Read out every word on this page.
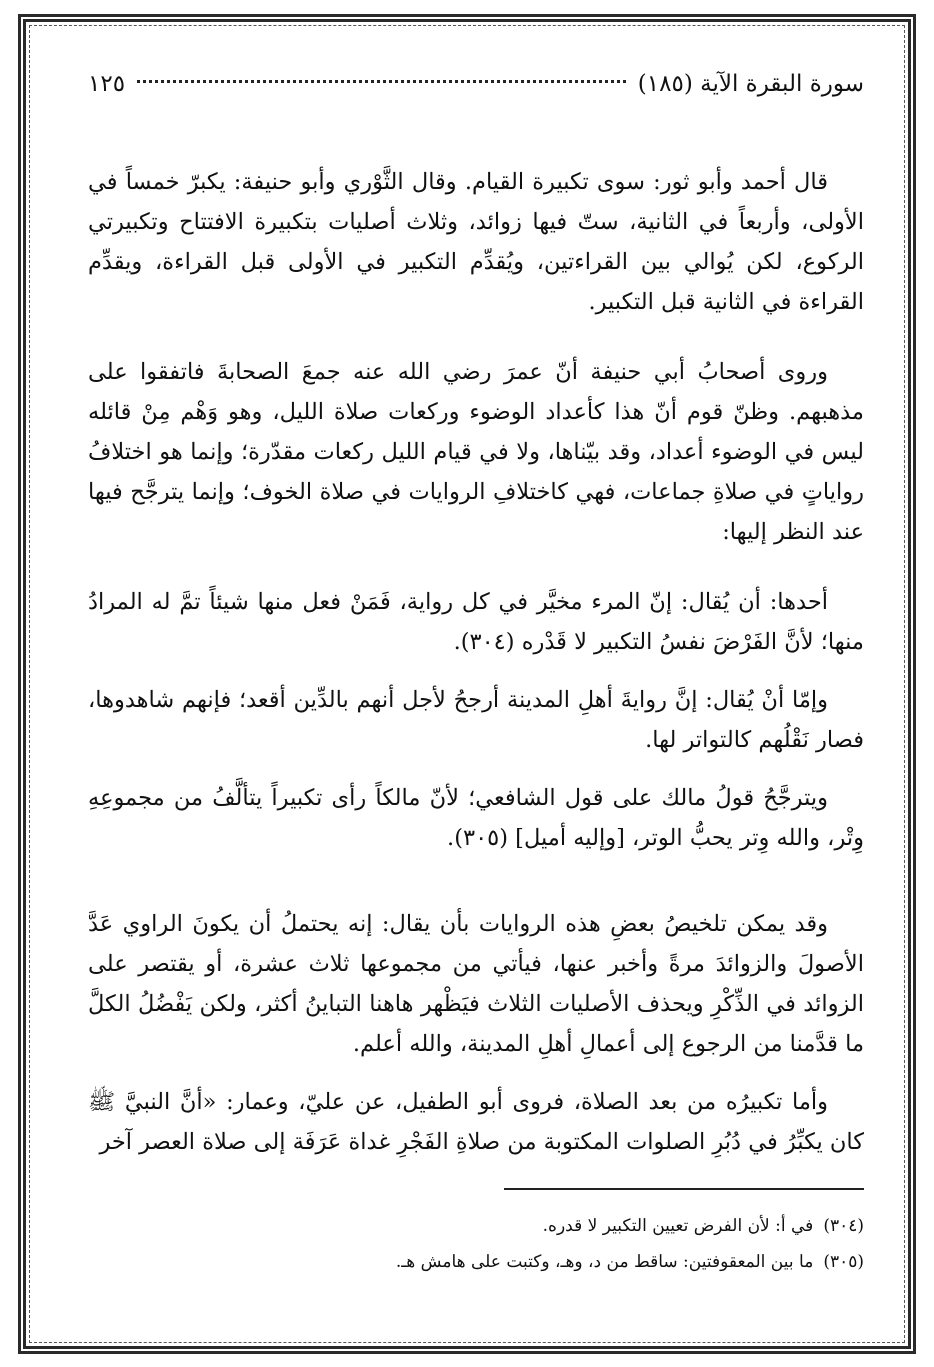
سورة البقرة الآية (١٨٥)
١٢٥

قال أحمد وأبو ثور: سوى تكبيرة القيام. وقال الثَّوْري وأبو حنيفة: يكبرّ خمساً في الأولى، وأربعاً في الثانية، ستّ فيها زوائد، وثلاث أصليات بتكبيرة الافتتاح وتكبيرتي الركوع، لكن يُوالي بين القراءتين، ويُقدِّم التكبير في الأولى قبل القراءة، ويقدِّم القراءة في الثانية قبل التكبير.

وروى أصحابُ أبي حنيفة أنّ عمرَ رضي الله عنه جمعَ الصحابةَ فاتفقوا على مذهبهم. وظنّ قوم أنّ هذا كأعداد الوضوء وركعات صلاة الليل، وهو وَهْم مِنْ قائله ليس في الوضوء أعداد، وقد بيّناها، ولا في قيام الليل ركعات مقدّرة؛ وإنما هو اختلافُ رواياتٍ في صلاةِ جماعات، فهي كاختلافِ الروايات في صلاة الخوف؛ وإنما يترجَّح فيها عند النظر إليها:

أحدها: أن يُقال: إنّ المرء مخيَّر في كل رواية، فَمَنْ فعل منها شيئاً تمَّ له المرادُ منها؛ لأنَّ الفَرْضَ نفسُ التكبير لا قَدْره (٣٠٤).

وإمّا أنْ يُقال: إنَّ روايةَ أهلِ المدينة أرجحُ لأجل أنهم بالدِّين أقعد؛ فإنهم شاهدوها، فصار نَقْلُهم كالتواتر لها.

ويترجَّحُ قولُ مالك على قول الشافعي؛ لأنّ مالكاً رأى تكبيراً يتألَّفُ من مجموعِهِ وِتْر، والله وِتر يحبُّ الوتر، [وإليه أميل] (٣٠٥).

وقد يمكن تلخيصُ بعضِ هذه الروايات بأن يقال: إنه يحتملُ أن يكونَ الراوي عَدَّ الأصولَ والزوائدَ مرةً وأخبر عنها، فيأتي من مجموعها ثلاث عشرة، أو يقتصر على الزوائد في الذِّكْرِ ويحذف الأصليات الثلاث فيَظْهر هاهنا التباينُ أكثر، ولكن يَفْضُلُ الكلَّ ما قدَّمنا من الرجوع إلى أعمالِ أهلِ المدينة، والله أعلم.

وأما تكبيرُه من بعد الصلاة، فروى أبو الطفيل، عن عليّ، وعمار: «أنَّ النبيَّ ﷺ كان يكبِّرُ في دُبُرِ الصلوات المكتوبة من صلاةِ الفَجْرِ غداة عَرَفَة إلى صلاة العصر آخر

(٣٠٤)في أ: لأن الفرض تعيين التكبير لا قدره.

(٣٠٥)ما بين المعقوفتين: ساقط من د، وهـ، وكتبت على هامش هـ.
